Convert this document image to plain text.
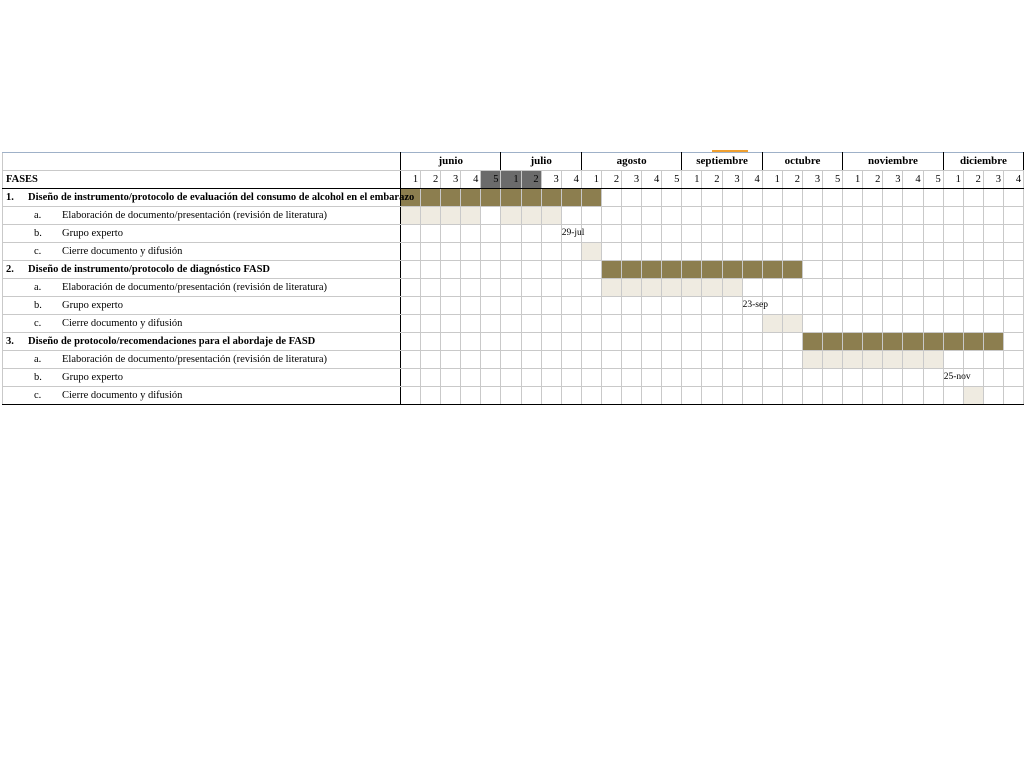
	junio					julio				agosto					septiembre				octubre				noviembre					diciembre			
FASES	1	2	3	4	5	1	2	3	4	1	2	3	4	5	1	2	3	4	1	2	3	5	1	2	3	4	5	1	2	3	4
1. Diseño de instrumento/protocolo de evaluación del consumo de alcohol en el embarazo																															
a. Elaboración de documento/presentación (revisión de literatura)																															
b. Grupo experto									29-jul																						
c. Cierre documento y difusión																															
2. Diseño de instrumento/protocolo de diagnóstico FASD																															
a. Elaboración de documento/presentación (revisión de literatura)																															
b. Grupo experto																		23-sep													
c. Cierre documento y difusión																															
3. Diseño de protocolo/recomendaciones para el abordaje de FASD																															
a. Elaboración de documento/presentación (revisión de literatura)																															
b. Grupo experto																												25-nov			
c. Cierre documento y difusión																															
